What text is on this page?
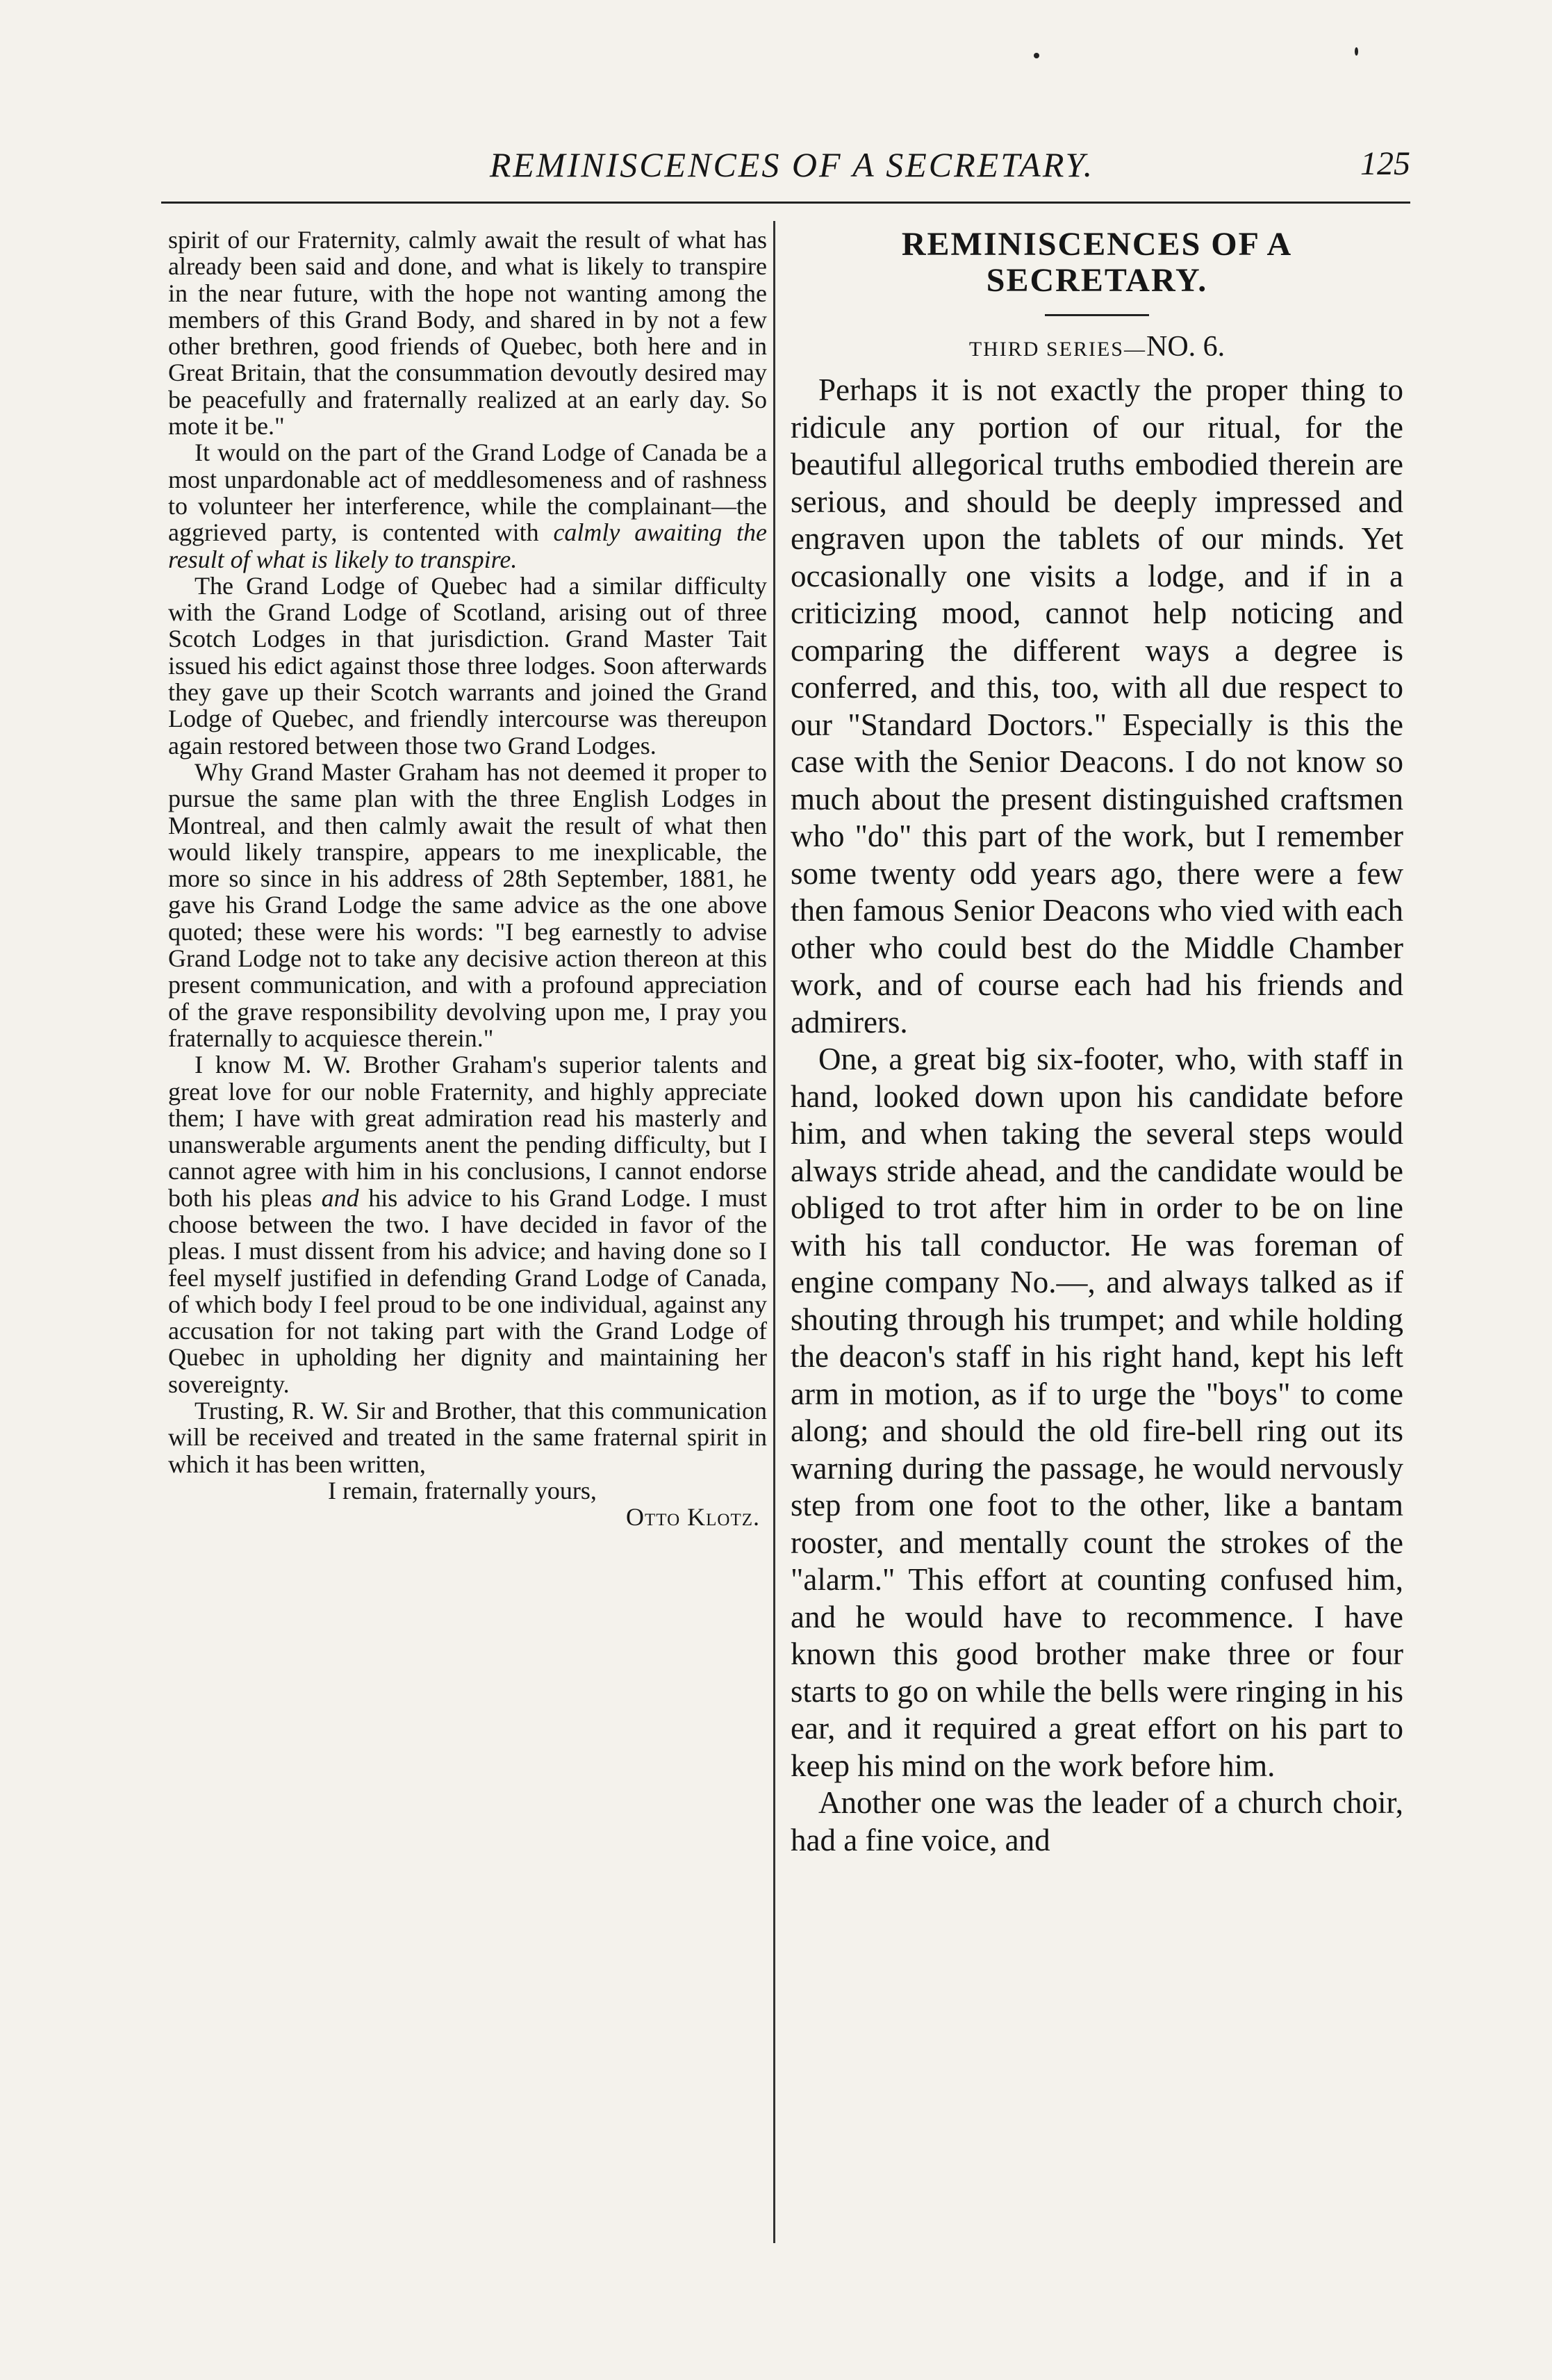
REMINISCENCES OF A SECRETARY.	125

spirit of our Fraternity, calmly await the result of what has already been said and done, and what is likely to transpire in the near future, with the hope not wanting among the members of this Grand Body, and shared in by not a few other brethren, good friends of Quebec, both here and in Great Britain, that the consummation devoutly desired may be peacefully and fraternally realized at an early day. So mote it be."

It would on the part of the Grand Lodge of Canada be a most unpardonable act of meddlesomeness and of rashness to volunteer her interference, while the complainant—the aggrieved party, is contented with calmly awaiting the result of what is likely to transpire.

The Grand Lodge of Quebec had a similar difficulty with the Grand Lodge of Scotland, arising out of three Scotch Lodges in that jurisdiction. Grand Master Tait issued his edict against those three lodges. Soon afterwards they gave up their Scotch warrants and joined the Grand Lodge of Quebec, and friendly intercourse was thereupon again restored between those two Grand Lodges.

Why Grand Master Graham has not deemed it proper to pursue the same plan with the three English Lodges in Montreal, and then calmly await the result of what then would likely transpire, appears to me inexplicable, the more so since in his address of 28th September, 1881, he gave his Grand Lodge the same advice as the one above quoted; these were his words: "I beg earnestly to advise Grand Lodge not to take any decisive action thereon at this present communication, and with a profound appreciation of the grave responsibility devolving upon me, I pray you fraternally to acquiesce therein."

I know M. W. Brother Graham's superior talents and great love for our noble Fraternity, and highly appreciate them; I have with great admiration read his masterly and unanswerable arguments anent the pending difficulty, but I cannot agree with him in his conclusions, I cannot endorse both his pleas and his advice to his Grand Lodge. I must choose between the two. I have decided in favor of the pleas. I must dissent from his advice; and having done so I feel myself justified in defending Grand Lodge of Canada, of which body I feel proud to be one individual, against any accusation for not taking part with the Grand Lodge of Quebec in upholding her dignity and maintaining her sovereignty.

Trusting, R. W. Sir and Brother, that this communication will be received and treated in the same fraternal spirit in which it has been written,

I remain, fraternally yours,

Otto Klotz.

REMINISCENCES OF A SECRETARY.
THIRD SERIES—NO. 6.

Perhaps it is not exactly the proper thing to ridicule any portion of our ritual, for the beautiful allegorical truths embodied therein are serious, and should be deeply impressed and engraven upon the tablets of our minds. Yet occasionally one visits a lodge, and if in a criticizing mood, cannot help noticing and comparing the different ways a degree is conferred, and this, too, with all due respect to our "Standard Doctors." Especially is this the case with the Senior Deacons. I do not know so much about the present distinguished craftsmen who "do" this part of the work, but I remember some twenty odd years ago, there were a few then famous Senior Deacons who vied with each other who could best do the Middle Chamber work, and of course each had his friends and admirers.

One, a great big six-footer, who, with staff in hand, looked down upon his candidate before him, and when taking the several steps would always stride ahead, and the candidate would be obliged to trot after him in order to be on line with his tall conductor. He was foreman of engine company No.—, and always talked as if shouting through his trumpet; and while holding the deacon's staff in his right hand, kept his left arm in motion, as if to urge the "boys" to come along; and should the old fire-bell ring out its warning during the passage, he would nervously step from one foot to the other, like a bantam rooster, and mentally count the strokes of the "alarm." This effort at counting confused him, and he would have to recommence. I have known this good brother make three or four starts to go on while the bells were ringing in his ear, and it required a great effort on his part to keep his mind on the work before him.

Another one was the leader of a church choir, had a fine voice, and
